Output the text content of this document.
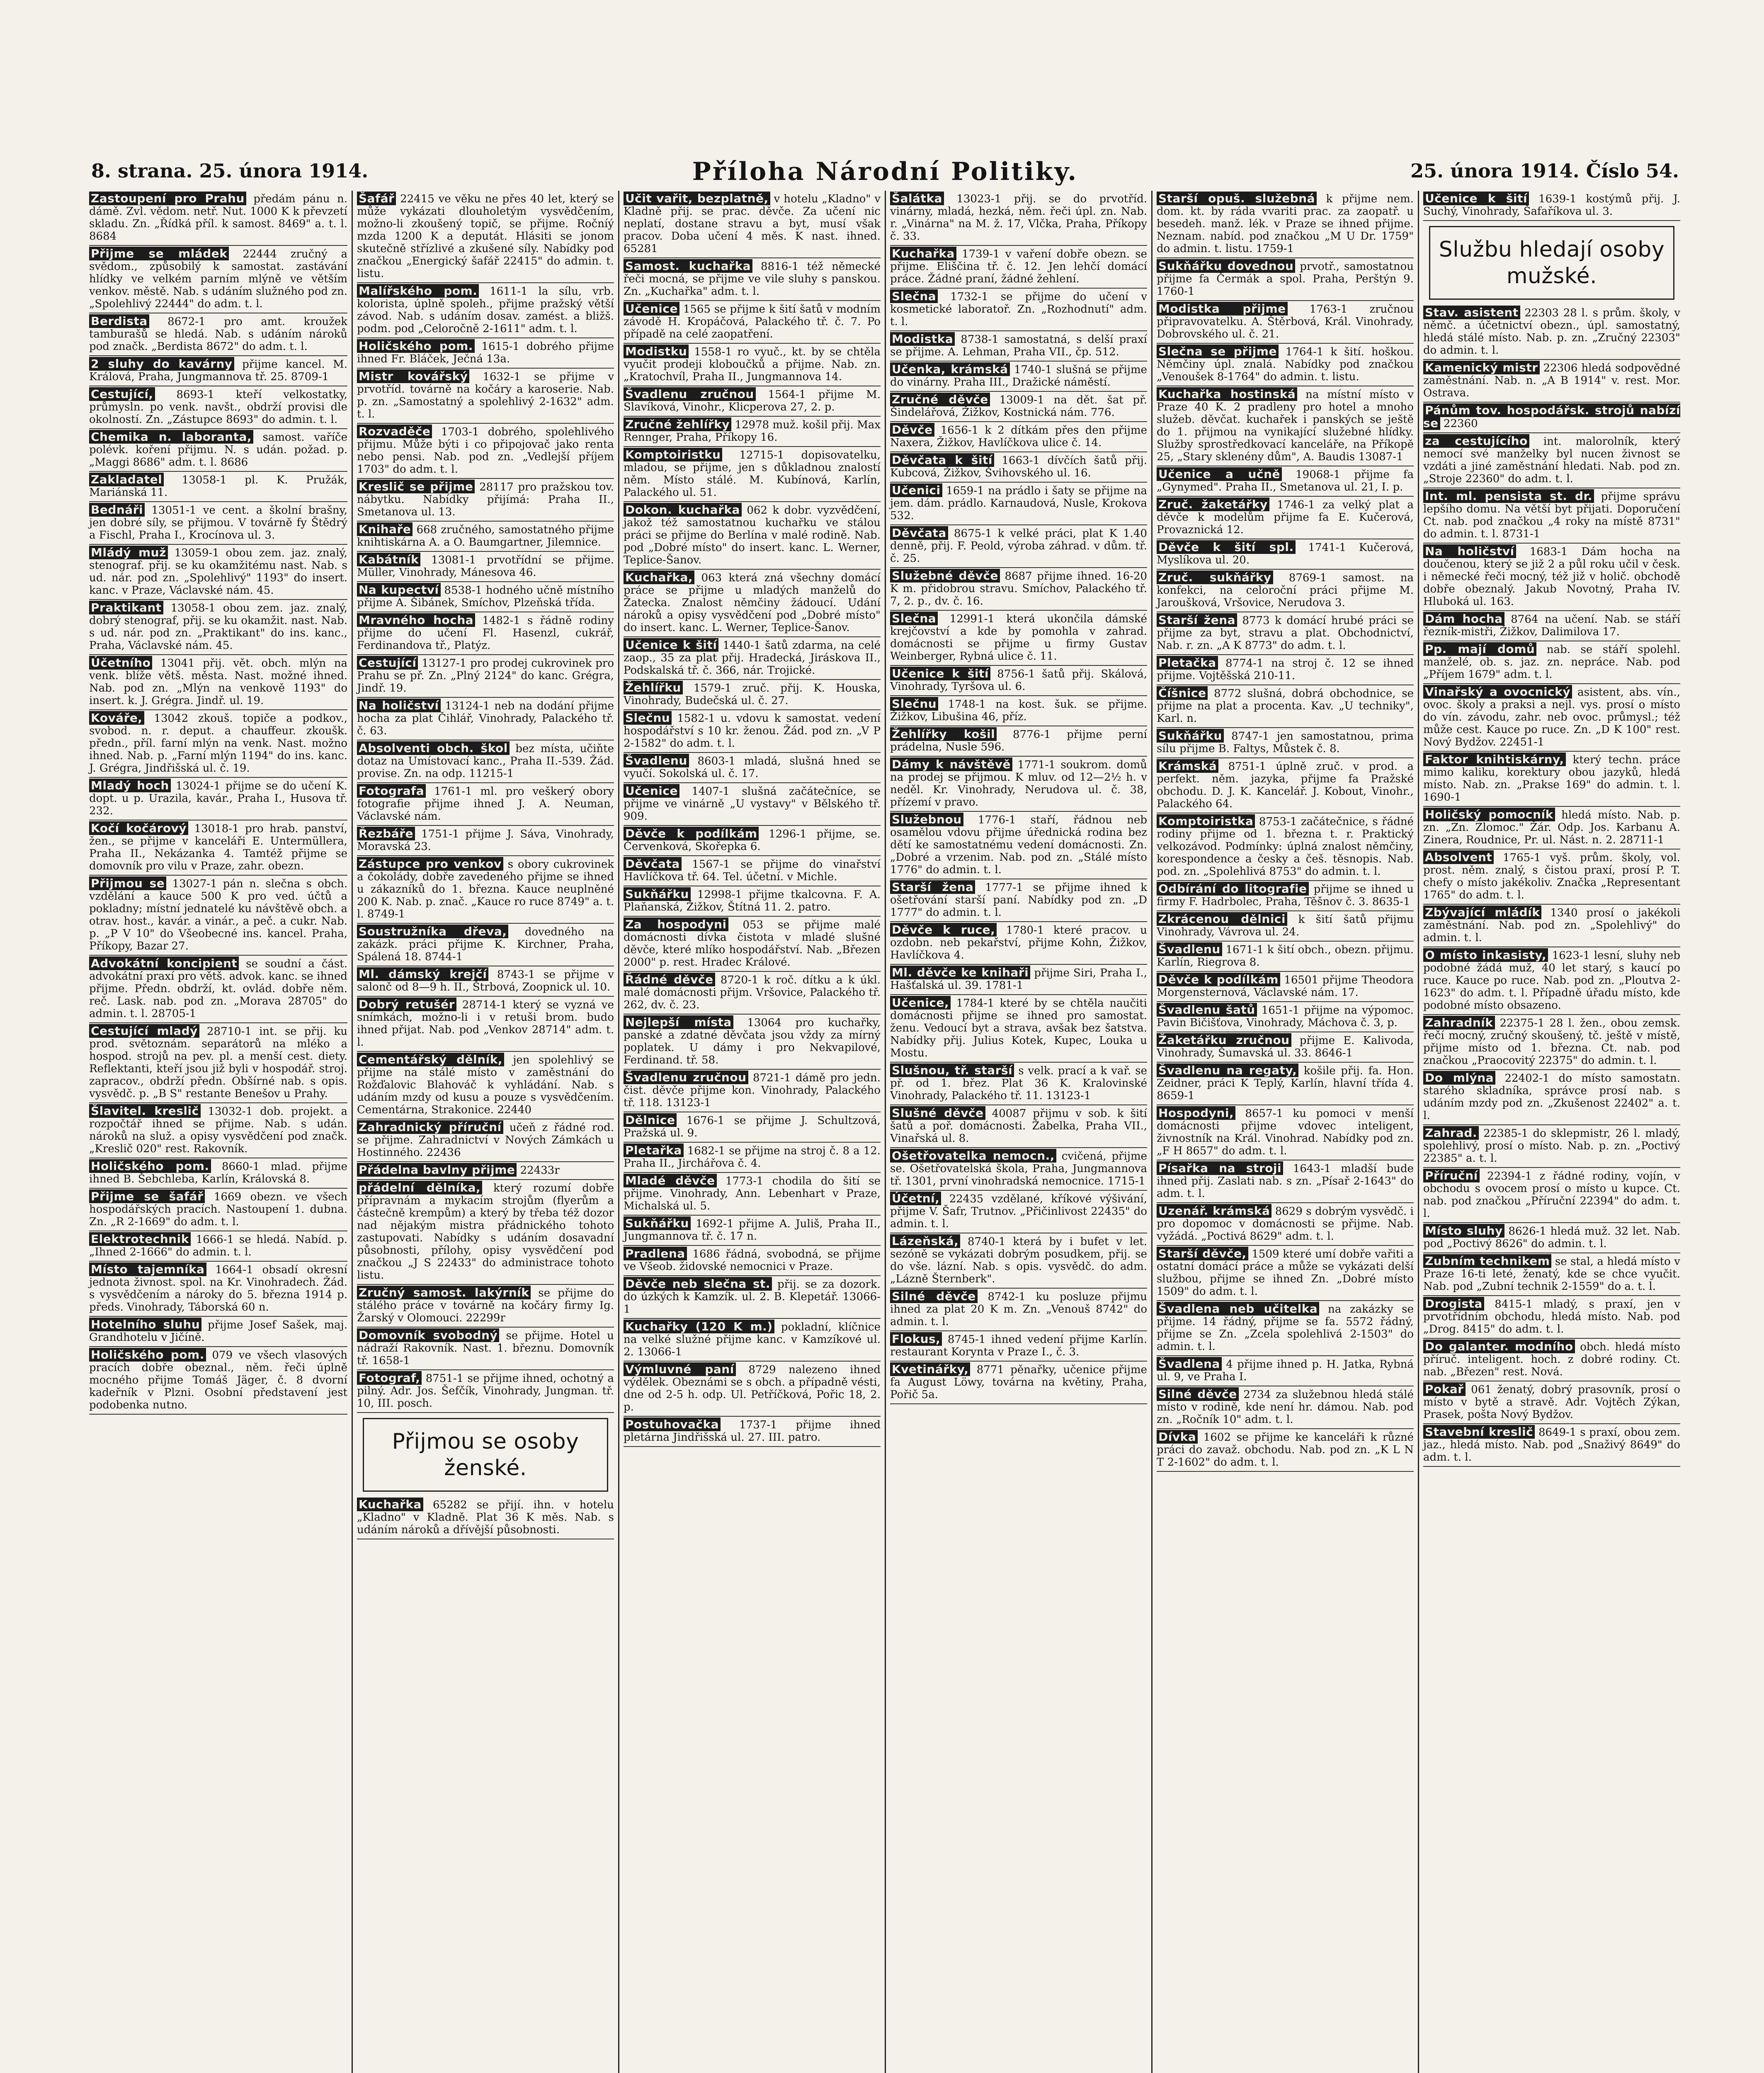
8. strana. 25. února 1914.	Příloha Národní Politiky.	25. února 1914. Číslo 54.
Zastoupení pro Prahu předám pánu n. dámě. Zvl. vědom. netř. Nut. 1000 K k převzetí skladu. Zn. „Řídká příl. k samost. 8469" a. t. l. 8684
Přijme se mládek 22444 zručný a svědom., způsobilý k samostat. zastávání hlídky ve velkém parním mlýně ve větším venkov. městě. Nab. s udáním služného pod zn. „Spolehlivý 22444" do adm. t. l.
Berdista 8672-1 pro amt. kroužek tamburašů se hledá. Nab. s udáním nároků pod značk. „Berdista 8672" do adm. t. l.
2 sluhy do kavárny přijme kancel. M. Králová, Praha, Jungmannova tř. 25. 8709-1
Cestující, 8693-1 kteří velkostatky, průmysln. po venk. navšt., obdrží provisi dle okolností. Zn. „Zástupce 8693" do admin. t. l.
Chemika n. laboranta, samost. vaříče polévk. koření přijmu. N. s udán. požad. p. „Maggi 8686" adm. t. l. 8686
Zakladatel 13058-1 pl. K. Pružák, Mariánská 11.
Bednáři 13051-1 ve cent. a školní brašny, jen dobré síly, se přijmou. V továrně fy Štědrý a Fischl, Praha I., Krocínova ul. 3.
Mládý muž 13059-1 obou zem. jaz. znalý, stenograf. přij. se ku okamžitému nast. Nab. s ud. nár. pod zn. „Spolehlivý" 1193" do insert. kanc. v Praze, Václavské nám. 45.
Praktikant 13058-1 obou zem. jaz. znalý, dobrý stenograf, přij. se ku okamžit. nast. Nab. s ud. nár. pod zn. „Praktikant" do ins. kanc., Praha, Václavské nám. 45.
Účetního 13041 přij. vět. obch. mlýn na venk. blíže větš. města. Nast. možné ihned. Nab. pod zn. „Mlýn na venkově 1193" do insert. k. J. Grégra. Jindř. ul. 19.
Kováře, 13042 zkouš. topiče a podkov., svobod. n. r. deput. a chauffeur. zkoušk. předn., příl. farní mlýn na venk. Nast. možno ihned. Nab. p. „Farní mlýn 1194" do ins. kanc. J. Grégra, Jindřišská ul. č. 19.
Mladý hoch 13024-1 přijme se do učení K. dopt. u p. Urazila, kavár., Praha I., Husova tř. 232.
Kočí kočárový 13018-1 pro hrab. panství, žen., se přijme v kanceláři E. Untermüllera, Praha II., Nekázanka 4. Tamtéž přijme se domovník pro vilu v Praze, zahr. obezn.
Přijmou se 13027-1 pán n. slečna s obch. vzdělání a kauce 500 K pro ved. účtů a pokladny; místní jednatelé ku návštěvě obch. a otrav. host., kavár. a vinár., a peč. a cukr. Nab. p. „P V 10" do Všeobecné ins. kancel. Praha, Příkopy, Bazar 27.
Advokátní koncipient se soudní a část. advokátní praxí pro větš. advok. kanc. se ihned přijme. Předn. obdrží, kt. ovlád. dobře něm. reč. Lask. nab. pod zn. „Morava 28705" do admin. t. l. 28705-1
Cestující mladý 28710-1 int. se přij. ku prod. světoznám. separátorů na mléko a hospod. strojů na pev. pl. a menší cest. diety. Reflektanti, kteří jsou již byli v hospodář. stroj. zapracov., obdrží předn. Obšírné nab. s opis. vysvědč. p. „B S" restante Benešov u Prahy.
Šlavitel. kreslič 13032-1 dob. projekt. a rozpočtář ihned se přijme. Nab. s udán. nároků na služ. a opisy vysvědčení pod značk. „Kreslič 020" rest. Rakovník.
Holičského pom. 8660-1 mlad. přijme ihned B. Šebchleba, Karlín, Královská 8.
Přijme se šafář 1669 obezn. ve všech hospodářských pracích. Nastoupení 1. dubna. Zn. „R 2-1669" do adm. t. l.
Elektrotechnik 1666-1 se hledá. Nabíd. p. „Ihned 2-1666" do admin. t. l.
Místo tajemníka 1664-1 obsadí okresní jednota živnost. spol. na Kr. Vinohradech. Žád. s vysvědčením a nároky do 5. března 1914 p. předs. Vinohrady, Táborská 60 n.
Hotelního sluhu přijme Josef Sašek, maj. Grandhotelu v Jičíně.
Holičského pom. 079 ve všech vlasových pracích dobře obeznal., něm. řeči úplně mocného přijme Tomáš Jäger, č. 8 dvorní kadeřník v Plzni. Osobní představení jest podobenka nutno.
Šafář 22415 ve věku ne přes 40 let, který se může vykázati dlouholetým vysvědčením, možno-li zkoušený topič, se přijme. Ročníý mzda 1200 K a deputát. Hlásiti se jonom skutečně střízlivé a zkušené síly. Nabídky pod značkou „Energický šafář 22415" do admin. t. listu.
Malířského pom. 1611-1 la sílu, vrb. kolorista, úplně spoleh., přijme pražský větší závod. Nab. s udáním dosav. zamést. a bližš. podm. pod „Celoročně 2-1611" adm. t. l.
Holičského pom. 1615-1 dobrého přijme ihned Fr. Bláček, Ječná 13a.
Mistr kovářský 1632-1 se přijme v prvotříd. továrně na kočáry a karoserie. Nab. p. zn. „Samostatný a spolehlivý 2-1632" adm. t. l.
Rozvaděče 1703-1 dobrého, spolehlivého přijmu. Může býti i co připojovač jako renta nebo pensi. Nab. pod zn. „Vedlejší příjem 1703" do adm. t. l.
Kreslič se přijme 28117 pro pražskou tov. nábytku. Nabídky přijímá: Praha II., Smetanova ul. 13.
Knihaře 668 zručného, samostatného přijme knihtiskárna A. a O. Baumgartner, Jilemnice.
Kabátník 13081-1 prvotřídní se přijme. Müller, Vinohrady, Mánesova 46.
Na kupectví 8538-1 hodného učně místního přijme A. Šibánek, Smíchov, Plzeňská třída.
Mravného hocha 1482-1 s řádně rodiny přijme do učení Fl. Hasenzl, cukrář, Ferdinandova tř., Platýz.
Cestující 13127-1 pro prodej cukrovinek pro Prahu se př. Zn. „Plný 2124" do kanc. Grégra, Jindř. 19.
Na holičství 13124-1 neb na dodání přijme hocha za plat Čihlář, Vinohrady, Palackého tř. č. 63.
Absolventi obch. škol bez místa, učiňte dotaz na Umístovací kanc., Praha II.-539. Žád. provise. Zn. na odp. 11215-1
Fotografa 1761-1 ml. pro veškerý obory fotografie přijme ihned J. A. Neuman, Václavské nám.
Řezbáře 1751-1 přijme J. Sáva, Vinohrady, Moravská 23.
Zástupce pro venkov s obory cukrovinek a čokolády, dobře zavedeného přijme se ihned u zákazníků do 1. března. Kauce neuplněné 200 K. Nab. p. znač. „Kauce ro ruce 8749" a. t. l. 8749-1
Soustružníka dřeva, dovedného na zakázk. práci přijme K. Kirchner, Praha, Spálená 18. 8744-1
Ml. dámský krejčí 8743-1 se přijme v salonč od 8—9 h. II., Štrbová, Zoopnick ul. 10.
Dobrý retušér 28714-1 který se vyzná ve snímkách, možno-li i v retuši brom. budo ihned přijat. Nab. pod „Venkov 28714" adm. t. l.
Cementářský dělník, jen spolehlivý se přijme na stálé místo v zaměstnání do Rožďalovic Blahováč k vyhládání. Nab. s udáním mzdy od kusu a pouze s vysvědčením. Cementárna, Strakonice. 22440
Zahradnický příruční učeň z řádné rod. se přijme. Zahradnictví v Nových Zámkách u Hostinného. 22436
Přádelna bavlny přijme 22433r
přádelní dělníka, který rozumí dobře přípravnám a mykacím strojům (flyerům a částečně krempům) a který by třeba též dozor nad nějakým mistra přádnického tohoto zastupovati. Nabídky s udáním dosavadní působnosti, přílohy, opisy vysvědčení pod značkou „J S 22433" do administrace tohoto listu.
Zručný samost. lakýrník se přijme do stálého práce v továrně na kočáry firmy Ig. Žarský v Olomouci. 22299r
Domovník svobodný se přijme. Hotel u nádraží Rakovník. Nast. 1. březnu. Domovník tř. 1658-1
Fotograf, 8751-1 se přijme ihned, ochotný a pilný. Adr. Jos. Šefčík, Vinohrady, Jungman. tř. 10, III. posch.
Přijmou se osoby ženské.
Kuchařka 65282 se přijí. ihn. v hotelu „Kladno" v Kladně. Plat 36 K měs. Nab. s udáním nároků a dřívější působnosti.
Učit vařit, bezplatně, v hotelu „Kladno" v Kladně přij. se prac. děvče. Za učení nic neplatí, dostane stravu a byt, musí však pracov. Doba učení 4 měs. K nast. ihned. 65281
Samost. kuchařka 8816-1 též německé řeči mocná, se přijme ve vile sluhy s panskou. Zn. „Kuchařka" adm. t. l.
Učenice 1565 se přijme k šití šatů v modním závodě H. Kropáčová, Palackého tř. č. 7. Po případě na celé zaopatření.
Modistku 1558-1 ro vyuč., kt. by se chtěla vyučit prodeji kloboučků a přijme. Nab. zn. „Kratochvíl, Praha II., Jungmannova 14.
Švadlenu zručnou 1564-1 přijme M. Slavíková, Vinohr., Klicperova 27, 2. p.
Zručné žehlířky 12978 muž. košil přij. Max Rennger, Praha, Příkopy 16.
Komptoiristku 12715-1 dopisovatelku, mladou, se přijme, jen s důkladnou znalostí něm. Místo stálé. M. Kubínová, Karlín, Palackého ul. 51.
Dokon. kuchařka 062 k dobr. vyzvědčení, jakož též samostatnou kuchařku ve stálou práci se přijme do Berlína v malé rodině. Nab. pod „Dobré místo" do insert. kanc. L. Werner, Teplice-Šanov.
Kuchařka, 063 která zná všechny domácí práce se přijme u mladých manželů do Žatecka. Znalost němčiny žádoucí. Udání nároků a opisy vysvědčení pod „Dobré místo" do insert. kanc. L. Werner, Teplice-Šanov.
Učenice k šití 1440-1 šatů zdarma, na celé zaop., 35 za plat přij. Hradecká, Jiráskova II., Podskalská tř. č. 366, nár. Trojické.
Žehlířku 1579-1 zruč. přij. K. Houska, Vinohrady, Budečská ul. č. 27.
Slečnu 1582-1 u. vdovu k samostat. vedení hospodářství s 10 kr. ženou. Žád. pod zn. „V P 2-1582" do adm. t. l.
Švadlenu 8603-1 mladá, slušná hned se vyučí. Sokolská ul. č. 17.
Učenice 1407-1 slušná začátečníce, se přijme ve vinárně „U vystavy" v Bělského tř. 909.
Děvče k podílkám 1296-1 přijme, se. Červenková, Skořepka 6.
Děvčata 1567-1 se přijme do vinařství Havlíčkova tř. 64. Tel. účetní. v Michle.
Sukňářku 12998-1 přijme tkalcovna. F. A. Plaňanská, Žižkov, Štítná 11. 2. patro.
Za hospodyni 053 se přijme malé domácnosti dívka čistota v mladé slušné děvče, které mlíko hospodářství. Nab. „Březen 2000" p. rest. Hradec Králové.
Řádné děvče 8720-1 k roč. dítku a k úkl. malé domácnosti přijm. Vršovice, Palackého tř. 262, dv. č. 23.
Nejlepší místa 13064 pro kuchařky, panské a zdatné děvčata jsou vždy za mírný poplatek. U dámy i pro Nekvapilové, Ferdinand. tř. 58.
Švadlenu zručnou 8721-1 dámě pro jedn. čist. děvče přijme kon. Vinohrady, Palackého tř. 118. 13123-1
Dělnice 1676-1 se přijme J. Schultzová, Pražská ul. 9.
Pletařka 1682-1 se přijme na stroj č. 8 a 12. Praha II., Jirchářova č. 4.
Mladé děvče 1773-1 chodila do šití se přijme. Vinohrady, Ann. Lebenhart v Praze, Michalská ul. 5.
Sukňářku 1692-1 přijme A. Juliš, Praha II., Jungmannova tř. č. 17 n.
Pradlena 1686 řádná, svobodná, se přijme ve Všeob. židovské nemocnici v Praze.
Děvče neb slečna st. přij. se za dozork. do úzkých k Kamzík. ul. 2. B. Klepetář. 13066-1
Kuchařky (120 K m.) pokladní, klíčnice na velké služné přijme kanc. v Kamzíkové ul. 2. 13066-1
Výmluvné paní 8729 nalezeno ihned výdělek. Obeznámi se s obch. a případně vésti, dne od 2-5 h. odp. Ul. Petříčková, Pořic 18, 2. p.
Postuhovačka 1737-1 přijme ihned pletárna Jindřišská ul. 27. III. patro.
Šalátka 13023-1 přij. se do prvotříd. vinárny, mladá, hezká, něm. řeči úpl. zn. Nab. r. „Vinárna" na M. ž. 17, Vlčka, Praha, Příkopy č. 33.
Kuchařka 1739-1 v vaření dobře obezn. se přijme. Eliščina tř. č. 12. Jen lehčí domácí práce. Žádné praní, žádné žehlení.
Slečna 1732-1 se přijme do učení v kosmetické laboratoř. Zn. „Rozhodnutí" adm. t. l.
Modistka 8738-1 samostatná, s delší praxí se přijme. A. Lehman, Praha VII., čp. 512.
Učenka, krámská 1740-1 slušná se přijme do vinárny. Praha III., Dražické náměstí.
Zručné děvče 13009-1 na dět. šat př. Šindelářová, Žižkov, Kostnická nám. 776.
Děvče 1656-1 k 2 dítkám přes den přijme Naxera, Žižkov, Havlíčkova ulice č. 14.
Děvčata k šití 1663-1 dívčích šatů přij. Kubcová, Žižkov, Švihovského ul. 16.
Učenici 1659-1 na prádlo i šaty se přijme na jem. dám. prádlo. Karnaudová, Nusle, Krokova 532.
Děvčata 8675-1 k velké práci, plat K 1.40 denně, přij. F. Peold, výroba záhrad. v dům. tř. č. 25.
Služebné děvče 8687 přijme ihned. 16-20 K m. přidobrou stravu. Smíchov, Palackého tř. 7, 2. p., dv. č. 16.
Slečna 12991-1 která ukončila dámské krejčovství a kde by pomohla v zahrad. domácnosti se přijme u firmy Gustav Weinberger, Rybná ulice č. 11.
Učenice k šití 8756-1 šatů přij. Skálová, Vinohrady, Tyršova ul. 6.
Slečnu 1748-1 na kost. šuk. se přijme. Žižkov, Libušina 46, příz.
Žehlířky košil 8776-1 přijme perní prádelna, Nusle 596.
Dámy k návštěvě 1771-1 soukrom. domů na prodej se přijmou. K mluv. od 12—2½ h. v neděl. Kr. Vinohrady, Nerudova ul. č. 38, přízemí v pravo.
Služebnou 1776-1 staří, řádnou neb osamělou vdovu přijme úřednická rodina bez dětí ke samostatnému vedení domácnosti. Zn. „Dobré a vrzenim. Nab. pod zn. „Stálé místo 1776" do admin. t. l.
Starší žena 1777-1 se přijme ihned k ošetřování starší paní. Nabídky pod zn. „D 1777" do admin. t. l.
Děvče k ruce, 1780-1 které pracov. u ozdobn. neb pekařství, přijme Kohn, Žižkov, Havlíčkova 4.
Ml. děvče ke knihaři přijme Siri, Praha I., Hašťalská ul. 39. 1781-1
Učenice, 1784-1 které by se chtěla naučiti domácnosti přijme se ihned pro samostat. ženu. Vedoucí byt a strava, avšak bez šatstva. Nabídky přij. Julius Kotek, Kupec, Louka u Mostu.
Slušnou, tř. starší s velk. prací a k vař. se př. od 1. břez. Plat 36 K. Kralovinské Vinohrady, Palackého tř. 11. 13123-1
Slušné děvče 40087 přijmu v sob. k šití šatů a poř. domácnosti. Žabelka, Praha VII., Vinařská ul. 8.
Ošetřovatelka nemocn., cvičená, přijme se. Ošetřovatelská škola, Praha, Jungmannova tř. 1301, první vinohradská nemocnice. 1715-1
Účetní, 22435 vzdělané, kříkové výšivání, přijme V. Šafr, Trutnov. „Přičinlivost 22435" do admin. t. l.
Lázeňská, 8740-1 která by i bufet v let. sezóně se vykázati dobrým posudkem, přij. se do vše. lázní. Nab. s opis. vysvědč. do adm. „Lázně Šternberk".
Silné děvče 8742-1 ku posluze přijmu ihned za plat 20 K m. Zn. „Venouš 8742" do admin. t. l.
Flokus, 8745-1 ihned vedení přijme Karlín. restaurant Korynta v Praze I., č. 3.
Kvetinářky, 8771 pěnařky, učenice přijme fa August Löwy, továrna na květiny, Praha, Pořič 5a.
Starší opuš. služebná k přijme nem. dom. kt. by ráda vvariti prac. za zaopatř. u besedeh. manž. lék. v Praze se ihned přijme. Neznam. nabíd. pod značkou „M U Dr. 1759" do admin. t. listu. 1759-1
Sukňářku dovednou prvotř., samostatnou přijme fa Čermák a spol. Praha, Perštýn 9. 1760-1
Modistka přijme 1763-1 zručnou připravovatelku. A. Štěrbová, Král. Vinohrady, Dobrovského ul. č. 21.
Slečna se přijme 1764-1 k šití. hoškou. Němčiny úpl. znalá. Nabídky pod značkou „Venoušek 8-1764" do admin. t. listu.
Kuchařka hostinská na místní místo v Praze 40 K. 2 pradleny pro hotel a mnoho služeb. děvčat. kuchařek i panských se ještě do 1. přijmou na vynikající služebné hlídky. Služby sprostředkovací kanceláře, na Příkopě 25, „Stary sklenény dům", A. Baudis 13087-1
Učenice a učně 19068-1 přijme fa „Gynymed". Praha II., Smetanova ul. 21, I. p.
Zruč. žaketářky 1746-1 za velký plat a děvče k modelům přijme fa E. Kučerová, Provaznická 12.
Děvče k šití spl. 1741-1 Kučerová, Myslíkova ul. 20.
Zruč. sukňářky 8769-1 samost. na konfekci, na celoroční práci přijme M. Jaroušková, Vršovice, Nerudova 3.
Starší žena 8773 k domácí hrubé práci se přijme za byt, stravu a plat. Obchodnictví, Nab. r. zn. „A K 8773" do adm. t. l.
Pletačka 8774-1 na stroj č. 12 se ihned přijme. Vojtěšská 210-11.
Číšnice 8772 slušná, dobrá obchodnice, se přijme na plat a procenta. Kav. „U techniky", Karl. n.
Sukňářku 8747-1 jen samostatnou, prima sílu přijme B. Faltys, Můstek č. 8.
Krámská 8751-1 úplně zruč. v prod. a perfekt. něm. jazyka, přijme fa Pražské obchodu. D. J. K. Kancelář. J. Kobout, Vinohr., Palackého 64.
Komptoiristka 8753-1 začátečnice, s řádné rodiny přijme od 1. března t. r. Praktický velkozávod. Podmínky: úplná znalost němčiny, korespondence a česky a češ. těsnopis. Nab. pod. zn. „Spolehlivá 8753" do admin. t. l.
Odbírání do litografie přijme se ihned u firmy F. Hadrbolec, Praha, Těšnov č. 3. 8635-1
Zkrácenou dělnici k šití šatů přijmu Vinohrady, Vávrova ul. 24.
Švadlenu 1671-1 k šití obch., obezn. přijmu. Karlín, Riegrova 8.
Děvče k podílkám 16501 přijme Theodora Morgensternová, Václavské nám. 17.
Švadlenu šatů 1651-1 přijme na výpomoc. Pavin Bičišťova, Vinohrady, Máchova č. 3, p.
Žaketářku zručnou přijme E. Kalivoda, Vinohrady, Šumavská ul. 33. 8646-1
Švadlenu na regaty, košile přij. fa. Hon. Zeidner, práci K Teplý, Karlín, hlavní třída 4. 8659-1
Hospodyni, 8657-1 ku pomoci v menší domácnosti přijme vdovec inteligent, živnostník na Král. Vinohrad. Nabídky pod zn. „F H 8657" do adm. t. l.
Písařka na stroji 1643-1 mladší bude ihned přij. Zaslati nab. s zn. „Písař 2-1643" do adm. t. l.
Uzenář. krámská 8629 s dobrým vysvědč. i pro dopomoc v domácnosti se přijme. Nab. vyžádá. „Poctivá 8629" adm. t. l.
Starší děvče, 1509 které umí dobře vařiti a ostatní domácí práce a může se vykázati delší službou, přijme se ihned Zn. „Dobré místo 1509" do adm. t. l.
Švadlena neb učitelka na zakázky se přijme. 14 řádný, přijme se fa. 5572 řádný, přijme se Zn. „Zcela spolehlivá 2-1503" do admin. t. l.
Švadlena 4 přijme ihned p. H. Jatka, Rybná ul. 9, ve Praha I.
Silné děvče 2734 za služebnou hledá stálé místo v rodině, kde není hr. dámou. Nab. pod zn. „Ročník 10" adm. t. l.
Dívka 1602 se přijme ke kanceláři k různé práci do zavaž. obchodu. Nab. pod zn. „K L N T 2-1602" do adm. t. l.
Učenice k šití 1639-1 kostýmů přij. J. Suchý, Vinohrady, Šafaříkova ul. 3.
Službu hledají osoby mužské.
Stav. asistent 22303 28 l. s prům. školy, v němč. a účetnictví obezn., úpl. samostatný, hledá stálé místo. Nab. p. zn. „Zručný 22303" do admin. t. l.
Kamenický mistr 22306 hledá sodpovědné zaměstnání. Nab. n. „A B 1914" v. rest. Mor. Ostrava.
Pánům tov. hospodářsk. strojů nabízí se 22360
za cestujícího int. malorolník, který nemocí své manželky byl nucen živnost se vzdáti a jiné zaměstnání hledati. Nab. pod zn. „Stroje 22360" do adm. t. l.
Int. ml. pensista st. dr. přijme správu lepšího domu. Na větší byt přijati. Doporučení Ct. nab. pod značkou „4 roky na místě 8731" do admin. t. l. 8731-1
Na holičství 1683-1 Dám hocha na doučenou, který se již 2 a půl roku učil v česk. i německé řeči mocný, též již v holič. obchodě dobře obeznalý. Jakub Novotný, Praha IV. Hluboká ul. 163.
Dám hocha 8764 na učení. Nab. se stáří řezník-mistři, Žižkov, Dalimilova 17.
Pp. mají domů nab. se stáří spolehl. manželé, ob. s. jaz. zn. nepráce. Nab. pod „Příjem 1679" adm. t. l.
Vinařský a ovocnický asistent, abs. vín., ovoc. školy a praksi a nejl. vys. prosí o místo do vín. závodu, zahr. neb ovoc. průmysl.; též může cest. Kauce po ruce. Zn. „D K 100" rest. Nový Bydžov. 22451-1
Faktor knihtiskárny, který techn. práce mimo kaliku, korektury obou jazyků, hledá místo. Nab. zn. „Prakse 169" do admin. t. l. 1690-1
Holičský pomocník hledá místo. Nab. p. zn. „Zn. Zlomoc." Žár. Odp. Jos. Karbanu A. Zinera, Roudnice, Pr. ul. Nást. n. 2. 28711-1
Absolvent 1765-1 vyš. prům. školy, vol. prost. něm. znalý, s čistou praxí, prosí P. T. chefy o místo jakékoliv. Značka „Representant 1765" do adm. t. l.
Zbývající mládík 1340 prosí o jakékoli zaměstnání. Nab. pod zn. „Spolehlivý" do admin. t. l.
O místo inkasisty, 1623-1 lesní, sluhy neb podobné žádá muž, 40 let starý, s kaucí po ruce. Kauce po ruce. Nab. pod zn. „Ploutva 2-1623" do adm. t. l. Případně úřadu místo, kde podobné místo obsazeno.
Zahradník 22375-1 28 l. žen., obou zemsk. řečí mocný, zručný skoušený, tč. ještě v místě, přijme místo od 1. března. Ct. nab. pod značkou „Praocovitý 22375" do admin. t. l.
Do mlýna 22402-1 do místo samostatn. starého skladníka, správce prosí nab. s udáním mzdy pod zn. „Zkušenost 22402" a. t. l.
Zahrad. 22385-1 do sklepmistr, 26 l. mladý, spolehlivý, prosí o místo. Nab. p. zn. „Poctivý 22385" a. t. l.
Příruční 22394-1 z řádné rodiny, vojín, v obchodu s ovocem prosí o místo u kupce. Ct. nab. pod značkou „Příruční 22394" do adm. t. l.
Místo sluhy 8626-1 hledá muž. 32 let. Nab. pod „Poctivý 8626" do admin. t. l.
Zubním technikem se stal, a hledá místo v Praze 16-ti leté, ženatý, kde se chce vyučit. Nab. pod „Zubní technik 2-1559" do a. t. l.
Drogista 8415-1 mladý, s praxí, jen v prvotřídním obchodu, hledá místo. Nab. pod „Drog. 8415" do adm. t. l.
Do galanter. modního obch. hledá místo příruč. inteligent. hoch. z dobré rodiny. Ct. nab. „Březen" rest. Nová.
Pokař 061 ženatý, dobrý prasovník, prosí o místo v bytě a stravě. Adr. Vojtěch Zýkan, Prasek, pošta Nový Bydžov.
Stavební kreslič 8649-1 s praxí, obou zem. jaz., hledá místo. Nab. pod „Snaživý 8649" do adm. t. l.
